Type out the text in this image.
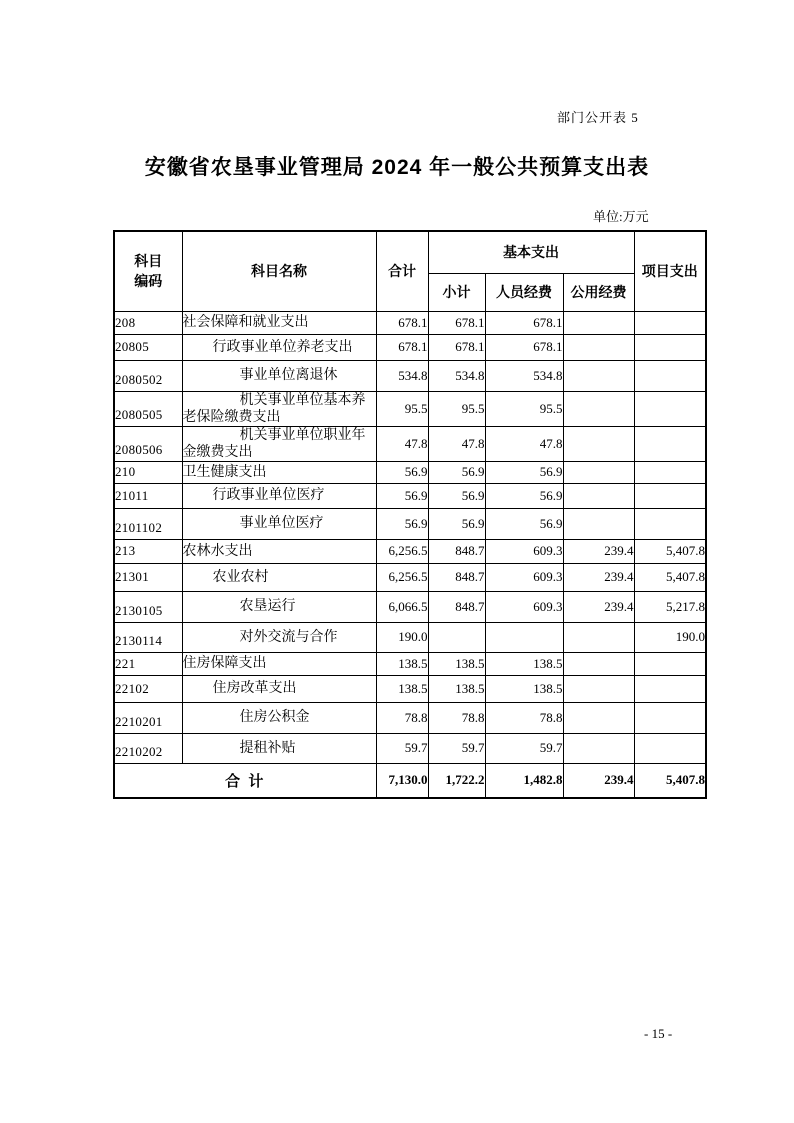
部门公开表 5
安徽省农垦事业管理局 2024 年一般公共预算支出表
单位:万元
科目
编码	科目名称	合计	基本支出			项目支出
			小计	人员经费	公用经费	
208	社会保障和就业支出	678.1	678.1	678.1		
20805	行政事业单位养老支出	678.1	678.1	678.1		
2080502	事业单位离退休	534.8	534.8	534.8		
2080505	机关事业单位基本养老保险缴费支出	95.5	95.5	95.5		
2080506	机关事业单位职业年金缴费支出	47.8	47.8	47.8		
210	卫生健康支出	56.9	56.9	56.9		
21011	行政事业单位医疗	56.9	56.9	56.9		
2101102	事业单位医疗	56.9	56.9	56.9		
213	农林水支出	6,256.5	848.7	609.3	239.4	5,407.8
21301	农业农村	6,256.5	848.7	609.3	239.4	5,407.8
2130105	农垦运行	6,066.5	848.7	609.3	239.4	5,217.8
2130114	对外交流与合作	190.0				190.0
221	住房保障支出	138.5	138.5	138.5		
22102	住房改革支出	138.5	138.5	138.5		
2210201	住房公积金	78.8	78.8	78.8		
2210202	提租补贴	59.7	59.7	59.7		
合 计		7,130.0	1,722.2	1,482.8	239.4	5,407.8
- 15 -
